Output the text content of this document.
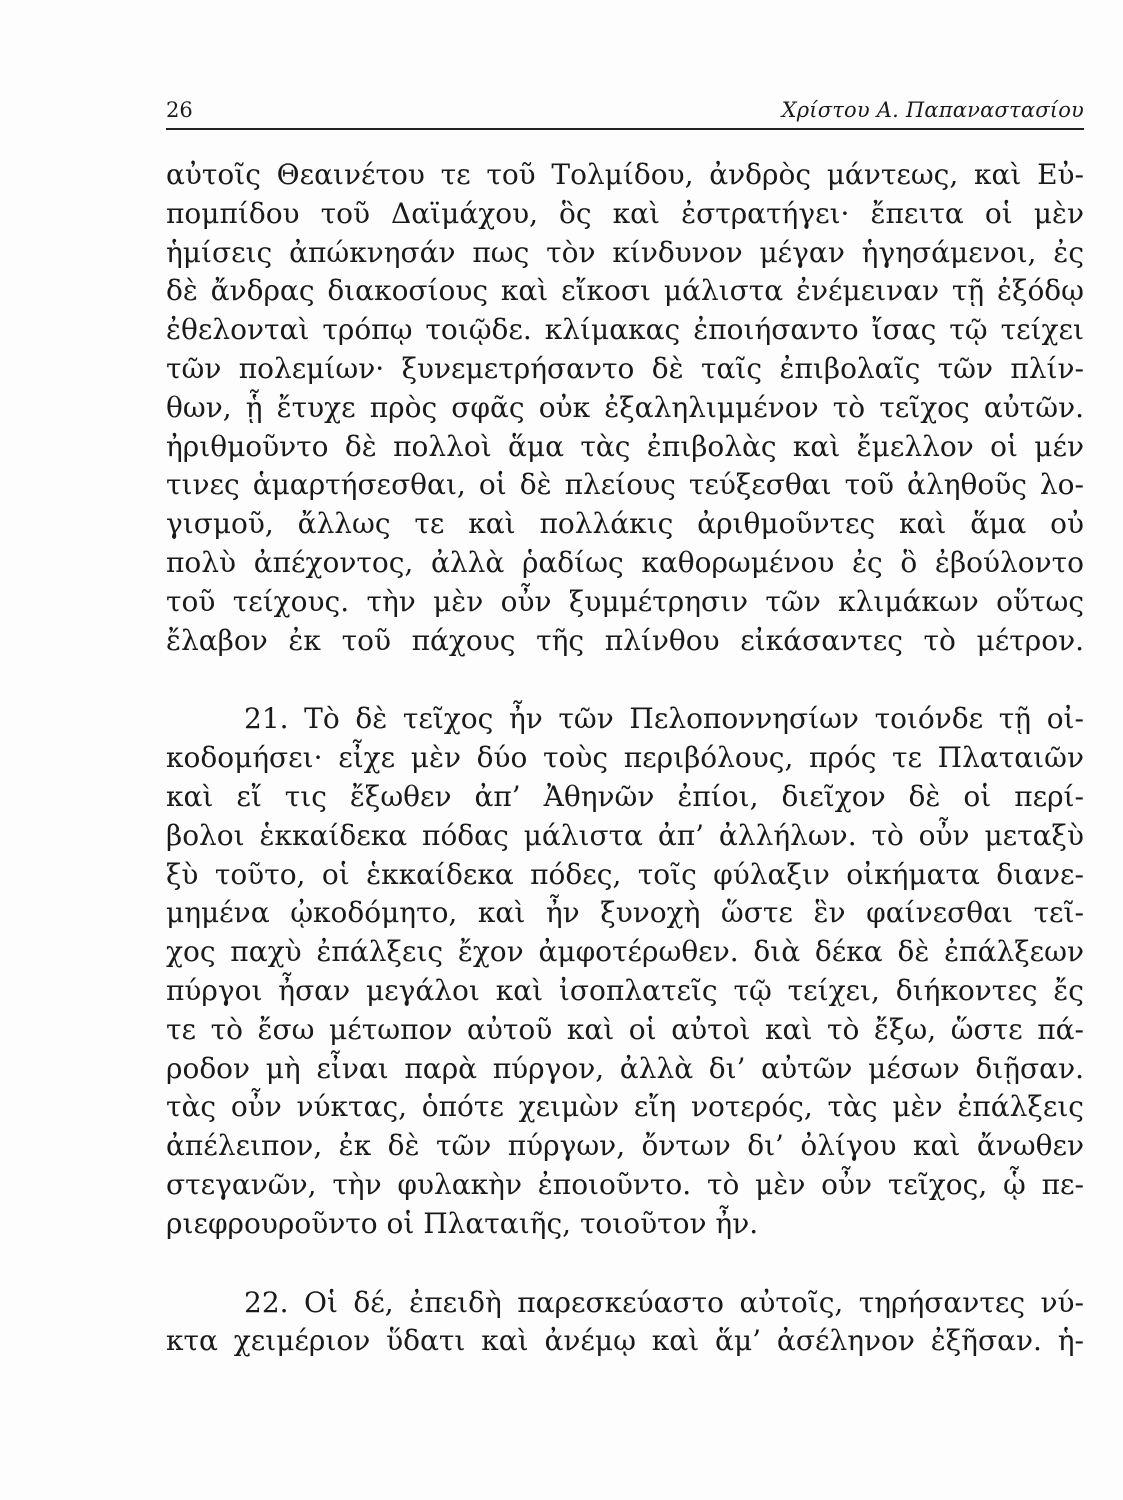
26	Χρίστου Α. Παπαναστασίου
αὐτοῖς Θεαινέτου τε τοῦ Τολμίδου, ἀνδρὸς μάντεως, καὶ Εὐ-
πομπίδου τοῦ Δαϊμάχου, ὃς καὶ ἐστρατήγει· ἔπειτα οἱ μὲν
ἡμίσεις ἀπώκνησάν πως τὸν κίνδυνον μέγαν ἡγησάμενοι, ἐς
δὲ ἄνδρας διακοσίους καὶ εἴκοσι μάλιστα ἐνέμειναν τῇ ἐξόδῳ
ἐθελονταὶ τρόπῳ τοιῷδε. κλίμακας ἐποιήσαντο ἴσας τῷ τείχει
τῶν πολεμίων· ξυνεμετρήσαντο δὲ ταῖς ἐπιβολαῖς τῶν πλίν-
θων, ᾗ ἔτυχε πρὸς σφᾶς οὐκ ἐξαληλιμμένον τὸ τεῖχος αὐτῶν.
ἠριθμοῦντο δὲ πολλοὶ ἅμα τὰς ἐπιβολὰς καὶ ἔμελλον οἱ μέν
τινες ἁμαρτήσεσθαι, οἱ δὲ πλείους τεύξεσθαι τοῦ ἀληθοῦς λο-
γισμοῦ, ἄλλως τε καὶ πολλάκις ἀριθμοῦντες καὶ ἅμα οὐ
πολὺ ἀπέχοντος, ἀλλὰ ῥαδίως καθορωμένου ἐς ὃ ἐβούλοντο
τοῦ τείχους. τὴν μὲν οὖν ξυμμέτρησιν τῶν κλιμάκων οὕτως
ἔλαβον ἐκ τοῦ πάχους τῆς πλίνθου εἰκάσαντες τὸ μέτρον.
21. Τὸ δὲ τεῖχος ἦν τῶν Πελοποννησίων τοιόνδε τῇ οἰ-
κοδομήσει· εἶχε μὲν δύο τοὺς περιβόλους, πρός τε Πλαταιῶν
καὶ εἴ τις ἔξωθεν ἀπ’ Ἀθηνῶν ἐπίοι, διεῖχον δὲ οἱ περί-
βολοι ἑκκαίδεκα πόδας μάλιστα ἀπ’ ἀλλήλων. τὸ οὖν μεταξὺ
ξὺ τοῦτο, οἱ ἑκκαίδεκα πόδες, τοῖς φύλαξιν οἰκήματα διανε-
μημένα ᾠκοδόμητο, καὶ ἦν ξυνοχὴ ὥστε ἓν φαίνεσθαι τεῖ-
χος παχὺ ἐπάλξεις ἔχον ἀμφοτέρωθεν. διὰ δέκα δὲ ἐπάλξεων
πύργοι ἦσαν μεγάλοι καὶ ἰσοπλατεῖς τῷ τείχει, διήκοντες ἔς
τε τὸ ἔσω μέτωπον αὐτοῦ καὶ οἱ αὐτοὶ καὶ τὸ ἔξω, ὥστε πά-
ροδον μὴ εἶναι παρὰ πύργον, ἀλλὰ δι’ αὐτῶν μέσων διῇσαν.
τὰς οὖν νύκτας, ὁπότε χειμὼν εἴη νοτερός, τὰς μὲν ἐπάλξεις
ἀπέλειπον, ἐκ δὲ τῶν πύργων, ὄντων δι’ ὀλίγου καὶ ἄνωθεν
στεγανῶν, τὴν φυλακὴν ἐποιοῦντο. τὸ μὲν οὖν τεῖχος, ᾧ πε-
ριεφρουροῦντο οἱ Πλαταιῆς, τοιοῦτον ἦν.
22. Οἱ δέ, ἐπειδὴ παρεσκεύαστο αὐτοῖς, τηρήσαντες νύ-
κτα χειμέριον ὕδατι καὶ ἀνέμῳ καὶ ἅμ’ ἀσέληνον ἐξῆσαν. ἡ-
